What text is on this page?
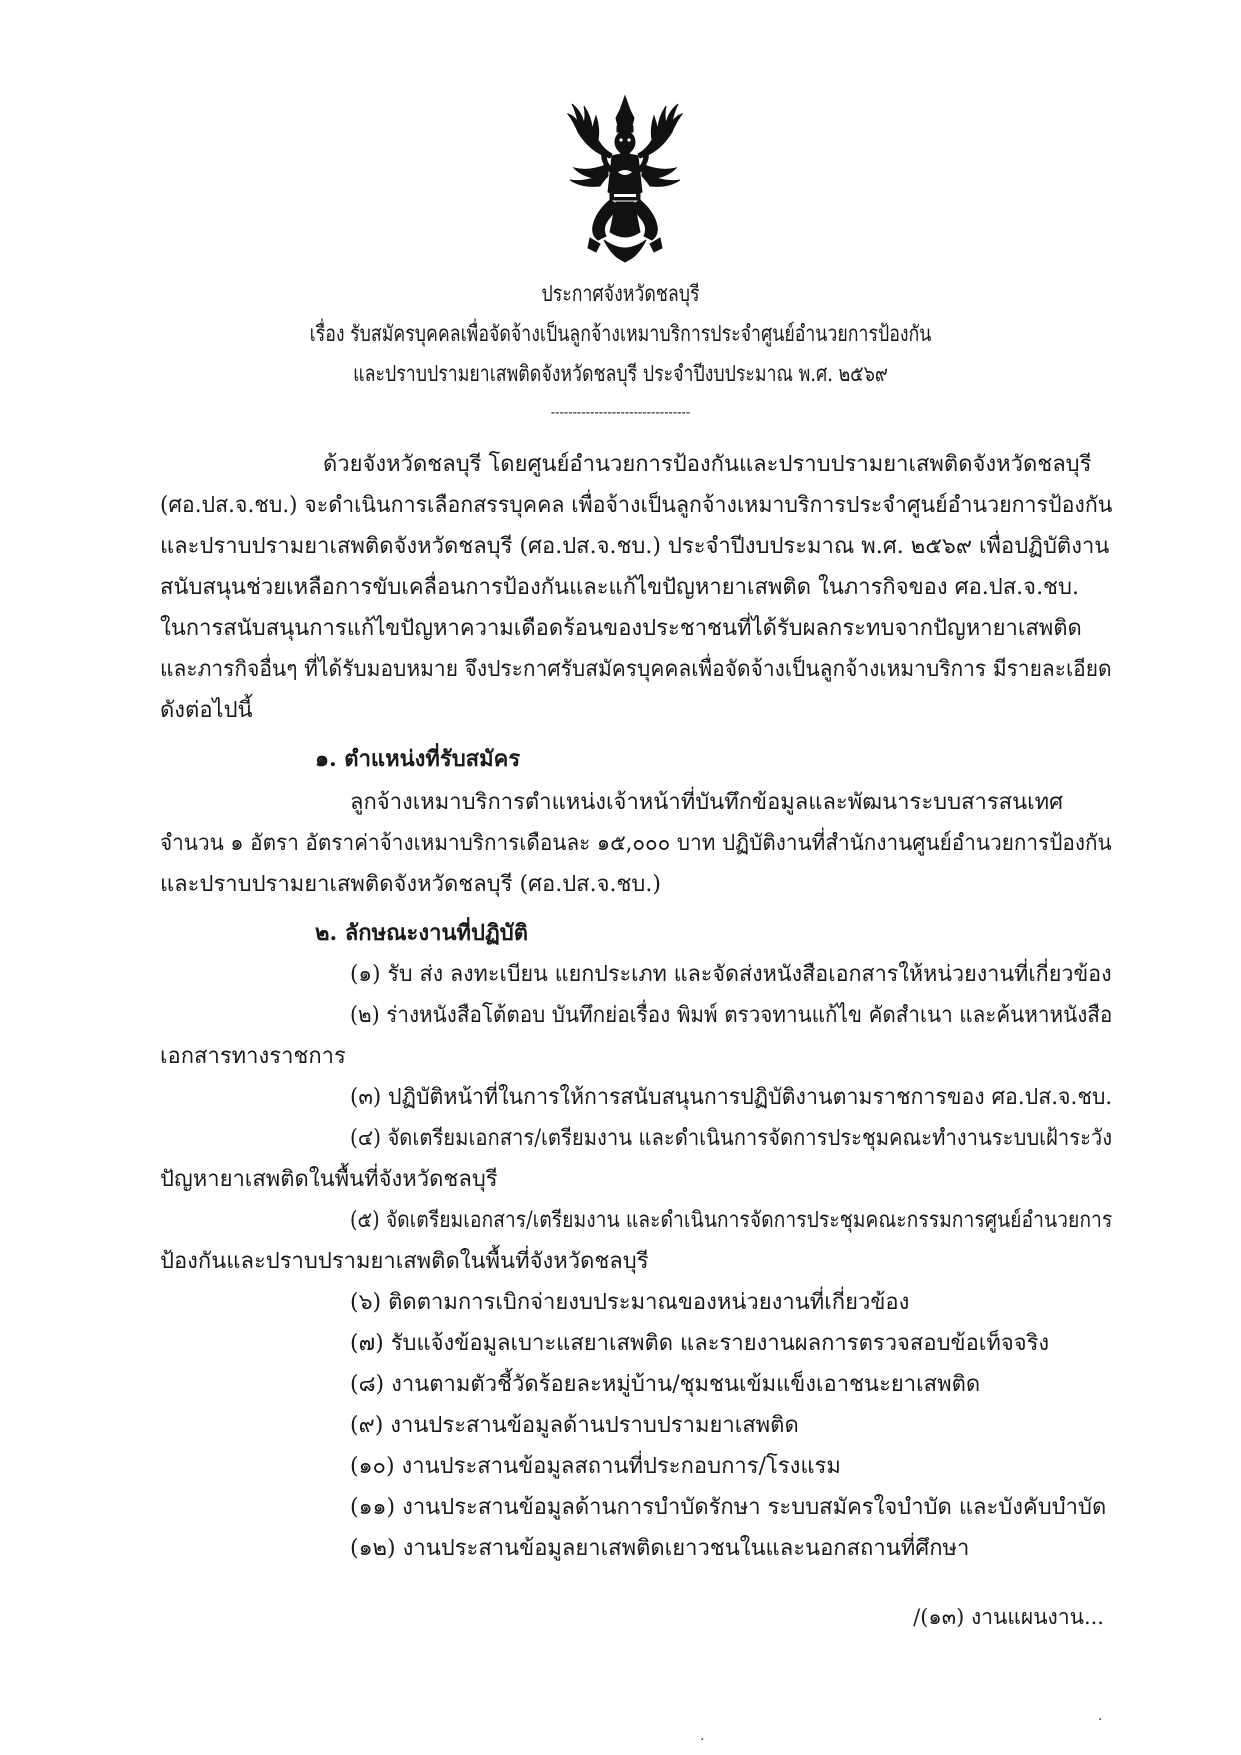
ประกาศจังหวัดชลบุรี
เรื่อง รับสมัครบุคคลเพื่อจัดจ้างเป็นลูกจ้างเหมาบริการประจำศูนย์อำนวยการป้องกัน
และปราบปรามยาเสพติดจังหวัดชลบุรี ประจำปีงบประมาณ พ.ศ. ๒๕๖๙
--------------------------------
ด้วยจังหวัดชลบุรี โดยศูนย์อำนวยการป้องกันและปราบปรามยาเสพติดจังหวัดชลบุรี
(ศอ.ปส.จ.ชบ.) จะดำเนินการเลือกสรรบุคคล เพื่อจ้างเป็นลูกจ้างเหมาบริการประจำศูนย์อำนวยการป้องกัน
และปราบปรามยาเสพติดจังหวัดชลบุรี (ศอ.ปส.จ.ชบ.) ประจำปีงบประมาณ พ.ศ. ๒๕๖๙ เพื่อปฏิบัติงาน
สนับสนุนช่วยเหลือการขับเคลื่อนการป้องกันและแก้ไขปัญหายาเสพติด ในภารกิจของ ศอ.ปส.จ.ชบ.
ในการสนับสนุนการแก้ไขปัญหาความเดือดร้อนของประชาชนที่ได้รับผลกระทบจากปัญหายาเสพติด
และภารกิจอื่นๆ ที่ได้รับมอบหมาย จึงประกาศรับสมัครบุคคลเพื่อจัดจ้างเป็นลูกจ้างเหมาบริการ มีรายละเอียด
ดังต่อไปนี้
๑. ตำแหน่งที่รับสมัคร
ลูกจ้างเหมาบริการตำแหน่งเจ้าหน้าที่บันทึกข้อมูลและพัฒนาระบบสารสนเทศ
จำนวน ๑ อัตรา อัตราค่าจ้างเหมาบริการเดือนละ ๑๕,๐๐๐ บาท ปฏิบัติงานที่สำนักงานศูนย์อำนวยการป้องกัน
และปราบปรามยาเสพติดจังหวัดชลบุรี (ศอ.ปส.จ.ชบ.)
๒. ลักษณะงานที่ปฏิบัติ
(๑) รับ ส่ง ลงทะเบียน แยกประเภท และจัดส่งหนังสือเอกสารให้หน่วยงานที่เกี่ยวข้อง
(๒) ร่างหนังสือโต้ตอบ บันทึกย่อเรื่อง พิมพ์ ตรวจทานแก้ไข คัดสำเนา และค้นหาหนังสือ
เอกสารทางราชการ
(๓) ปฏิบัติหน้าที่ในการให้การสนับสนุนการปฏิบัติงานตามราชการของ ศอ.ปส.จ.ชบ.
(๔) จัดเตรียมเอกสาร/เตรียมงาน และดำเนินการจัดการประชุมคณะทำงานระบบเฝ้าระวัง
ปัญหายาเสพติดในพื้นที่จังหวัดชลบุรี
(๕) จัดเตรียมเอกสาร/เตรียมงาน และดำเนินการจัดการประชุมคณะกรรมการศูนย์อำนวยการ
ป้องกันและปราบปรามยาเสพติดในพื้นที่จังหวัดชลบุรี
(๖) ติดตามการเบิกจ่ายงบประมาณของหน่วยงานที่เกี่ยวข้อง
(๗) รับแจ้งข้อมูลเบาะแสยาเสพติด และรายงานผลการตรวจสอบข้อเท็จจริง
(๘) งานตามตัวชี้วัดร้อยละหมู่บ้าน/ชุมชนเข้มแข็งเอาชนะยาเสพติด
(๙) งานประสานข้อมูลด้านปราบปรามยาเสพติด
(๑๐) งานประสานข้อมูลสถานที่ประกอบการ/โรงแรม
(๑๑) งานประสานข้อมูลด้านการบำบัดรักษา ระบบสมัครใจบำบัด และบังคับบำบัด
(๑๒) งานประสานข้อมูลยาเสพติดเยาวชนในและนอกสถานที่ศึกษา
/(๑๓) งานแผนงาน...
·
·
